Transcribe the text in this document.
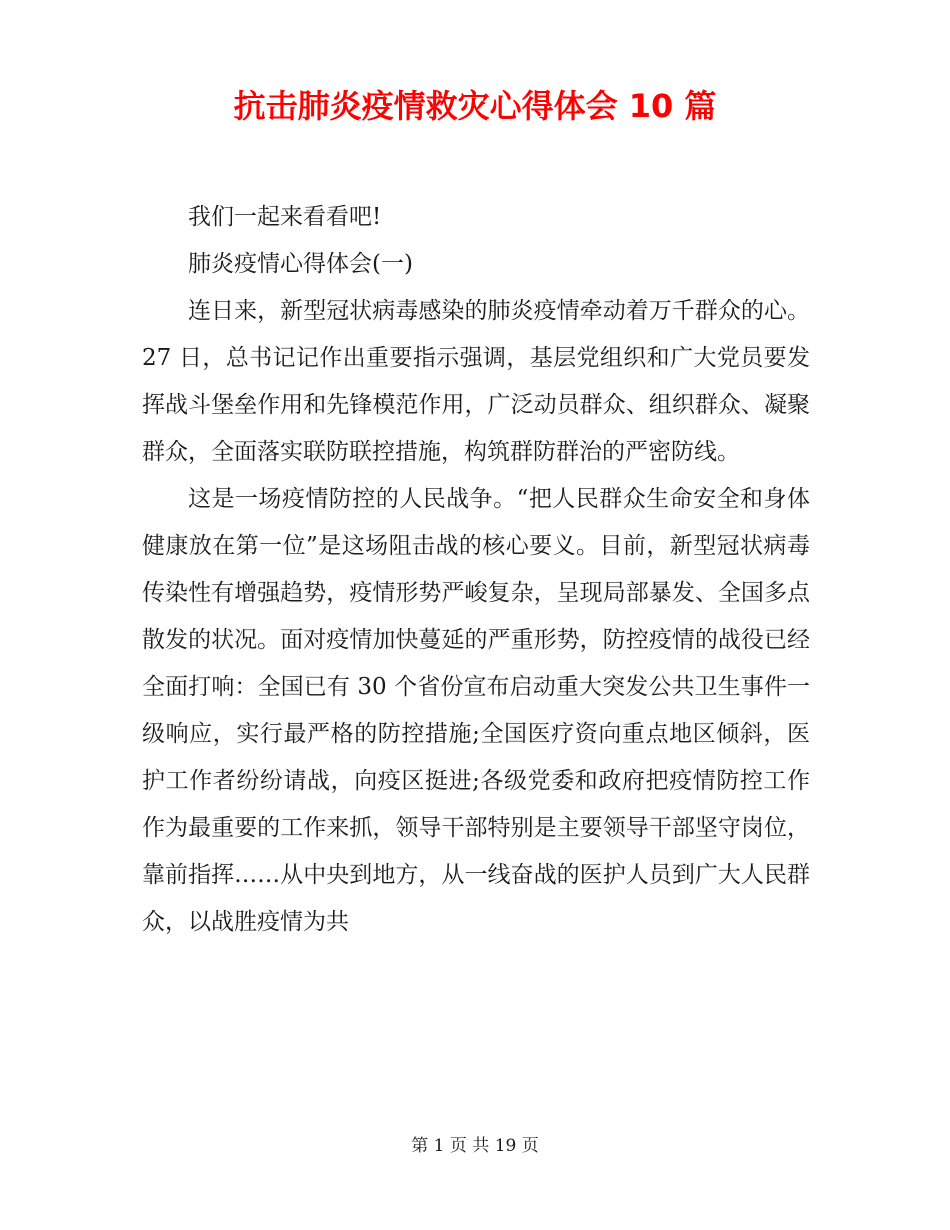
抗击肺炎疫情救灾心得体会 10 篇

我们一起来看看吧!

肺炎疫情心得体会(一)

连日来，新型冠状病毒感染的肺炎疫情牵动着万千群众的心。27 日，总书记记作出重要指示强调，基层党组织和广大党员要发挥战斗堡垒作用和先锋模范作用，广泛动员群众、组织群众、凝聚群众，全面落实联防联控措施，构筑群防群治的严密防线。

这是一场疫情防控的人民战争。“把人民群众生命安全和身体健康放在第一位”是这场阻击战的核心要义。目前，新型冠状病毒传染性有增强趋势，疫情形势严峻复杂，呈现局部暴发、全国多点散发的状况。面对疫情加快蔓延的严重形势，防控疫情的战役已经全面打响：全国已有 30 个省份宣布启动重大突发公共卫生事件一级响应，实行最严格的防控措施;全国医疗资向重点地区倾斜，医护工作者纷纷请战，向疫区挺进;各级党委和政府把疫情防控工作作为最重要的工作来抓，领导干部特别是主要领导干部坚守岗位，靠前指挥……从中央到地方，从一线奋战的医护人员到广大人民群众，以战胜疫情为共

第 1 页 共 19 页
